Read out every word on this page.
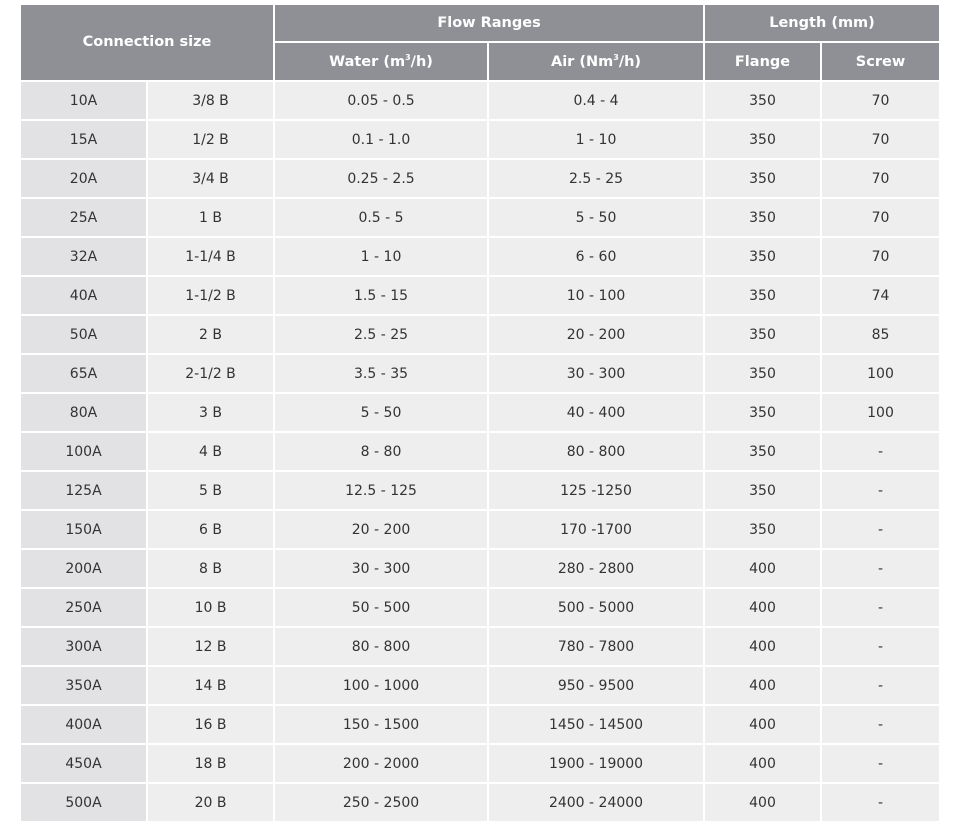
Connection size		Flow Ranges		Length (mm)	
		Water $(m^3/h)$	Air (Nm$^3$/h)	Flange	Screw
10A	3/8 B	0.05 - 0.5	0.4 - 4	350	70
15A	1/2 B	0.1 - 1.0	1 - 10	350	70
20A	3/4 B	0.25 - 2.5	2.5 - 25	350	70
25A	1 B	0.5 - 5	5 - 50	350	70
32A	1-1/4 B	1 - 10	6 - 60	350	70
40A	1-1/2 B	1.5 - 15	10 - 100	350	74
50A	2 B	2.5 - 25	20 - 200	350	85
65A	2-1/2 B	3.5 - 35	30 - 300	350	100
80A	3 B	5 - 50	40 - 400	350	100
100A	4 B	8 - 80	80 - 800	350	-
125A	5 B	12.5 - 125	125 -1250	350	-
150A	6 B	20 - 200	170 -1700	350	-
200A	8 B	30 - 300	280 - 2800	400	-
250A	10 B	50 - 500	500 - 5000	400	-
300A	12 B	80 - 800	780 - 7800	400	-
350A	14 B	100 - 1000	950 - 9500	400	-
400A	16 B	150 - 1500	1450 - 14500	400	-
450A	18 B	200 - 2000	1900 - 19000	400	-
500A	20 B	250 - 2500	2400 - 24000	400	-
